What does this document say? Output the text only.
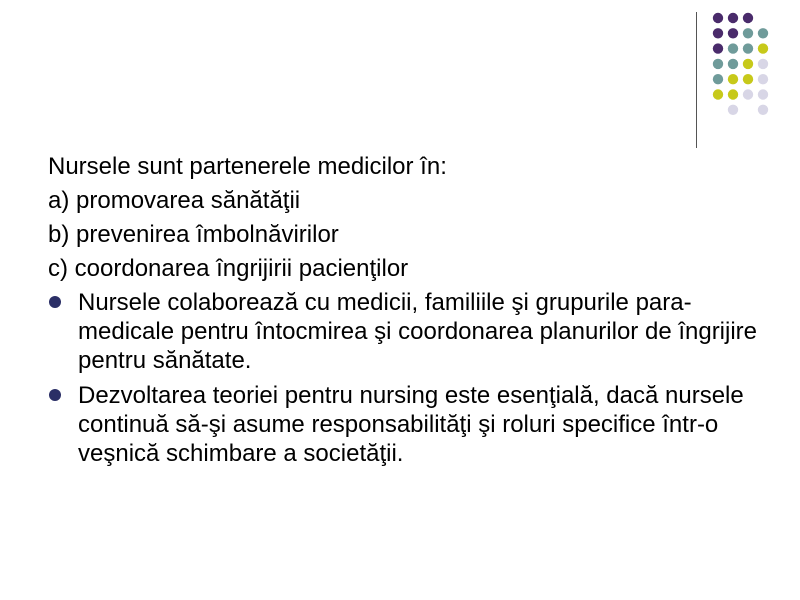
Nursele sunt partenerele medicilor în:

a) promovarea sănătăţii

b) prevenirea îmbolnăvirilor

c) coordonarea îngrijirii pacienţilor

Nursele colaborează cu medicii, familiile şi grupurile para-medicale pentru întocmirea şi coordonarea planurilor de îngrijire pentru sănătate.
Dezvoltarea teoriei pentru nursing este esenţială, dacă nursele continuă să-şi asume responsabilităţi şi roluri specifice într-o veşnică schimbare a societăţii.
